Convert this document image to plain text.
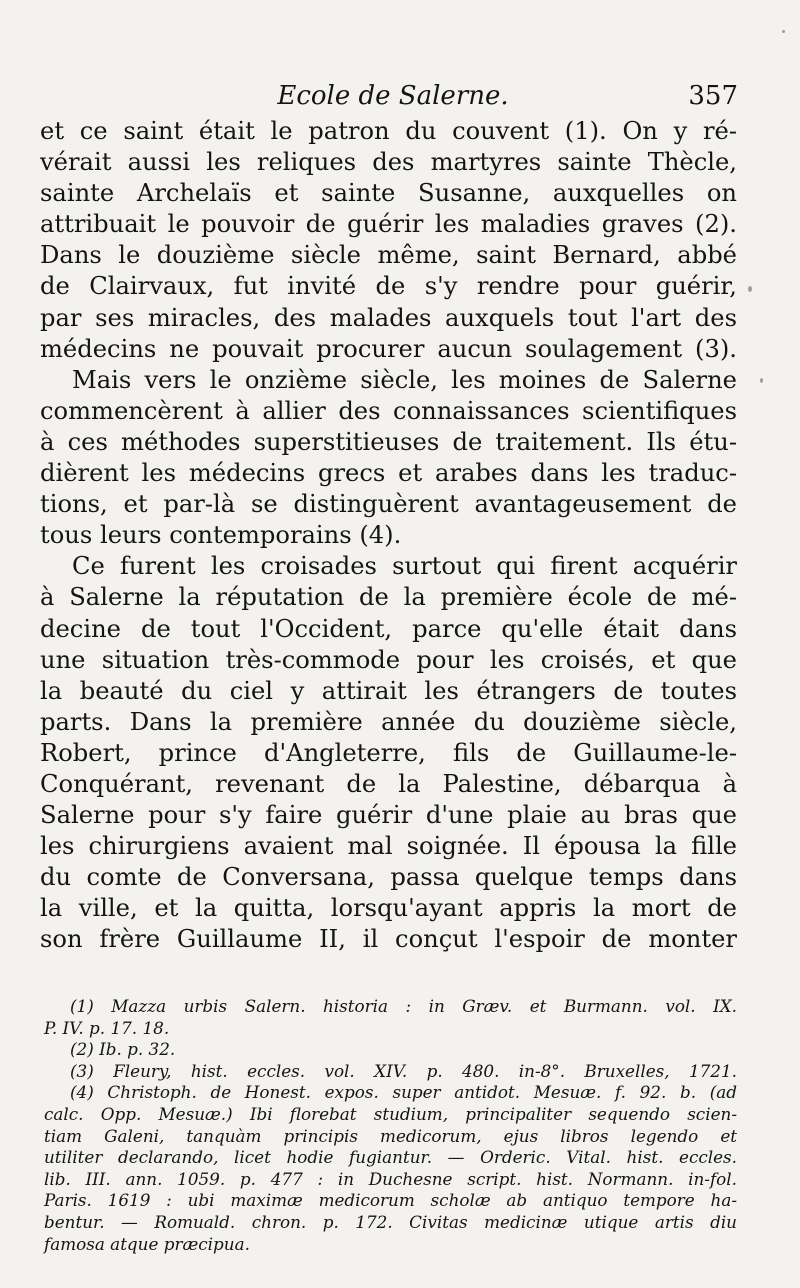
Ecole de Salerne.	357
et ce saint était le patron du couvent (1). On y ré-
vérait aussi les reliques des martyres sainte Thècle,
sainte Archelaïs et sainte Susanne, auxquelles on
attribuait le pouvoir de guérir les maladies graves (2).
Dans le douzième siècle même, saint Bernard, abbé
de Clairvaux, fut invité de s'y rendre pour guérir,
par ses miracles, des malades auxquels tout l'art des
médecins ne pouvait procurer aucun soulagement (3).
Mais vers le onzième siècle, les moines de Salerne
commencèrent à allier des connaissances scientifiques
à ces méthodes superstitieuses de traitement. Ils étu-
dièrent les médecins grecs et arabes dans les traduc-
tions, et par-là se distinguèrent avantageusement de
tous leurs contemporains (4).
Ce furent les croisades surtout qui firent acquérir
à Salerne la réputation de la première école de mé-
decine de tout l'Occident, parce qu'elle était dans
une situation très-commode pour les croisés, et que
la beauté du ciel y attirait les étrangers de toutes
parts. Dans la première année du douzième siècle,
Robert, prince d'Angleterre, fils de Guillaume-le-
Conquérant, revenant de la Palestine, débarqua à
Salerne pour s'y faire guérir d'une plaie au bras que
les chirurgiens avaient mal soignée. Il épousa la fille
du comte de Conversana, passa quelque temps dans
la ville, et la quitta, lorsqu'ayant appris la mort de
son frère Guillaume II, il conçut l'espoir de monter
(1) Mazza urbis Salern. historia : in Græv. et Burmann. vol. IX.
P. IV. p. 17. 18.
(2) Ib. p. 32.
(3) Fleury, hist. eccles. vol. XIV. p. 480. in-8°. Bruxelles, 1721.
(4) Christoph. de Honest. expos. super antidot. Mesuæ. f. 92. b. (ad
calc. Opp. Mesuæ.) Ibi florebat studium, principaliter sequendo scien-
tiam Galeni, tanquàm principis medicorum, ejus libros legendo et
utiliter declarando, licet hodie fugiantur. — Orderic. Vital. hist. eccles.
lib. III. ann. 1059. p. 477 : in Duchesne script. hist. Normann. in-fol.
Paris. 1619 : ubi maximæ medicorum scholæ ab antiquo tempore ha-
bentur. — Romuald. chron. p. 172. Civitas medicinæ utique artis diu
famosa atque præcipua.
